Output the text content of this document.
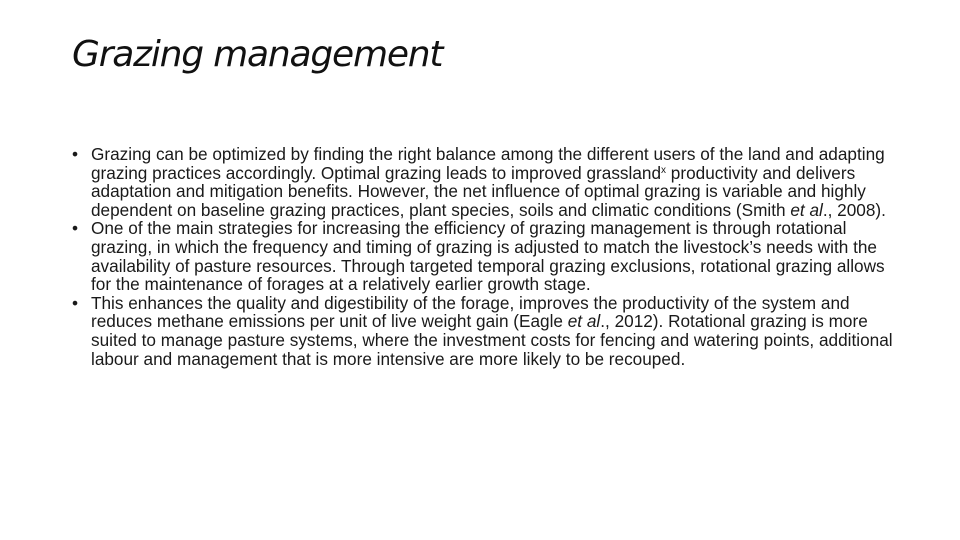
Grazing management
• Grazing can be optimized by finding the right balance among the different users of the land and adapting grazing practices accordingly. Optimal grazing leads to improved grassland$^x$ productivity and delivers adaptation and mitigation benefits. However, the net influence of optimal grazing is variable and highly dependent on baseline grazing practices, plant species, soils and climatic conditions (Smith et al., 2008).
• One of the main strategies for increasing the efficiency of grazing management is through rotational grazing, in which the frequency and timing of grazing is adjusted to match the livestock’s needs with the availability of pasture resources. Through targeted temporal grazing exclusions, rotational grazing allows for the maintenance of forages at a relatively earlier growth stage.
• This enhances the quality and digestibility of the forage, improves the productivity of the system and reduces methane emissions per unit of live weight gain (Eagle et al., 2012). Rotational grazing is more suited to manage pasture systems, where the investment costs for fencing and watering points, additional labour and management that is more intensive are more likely to be recouped.
